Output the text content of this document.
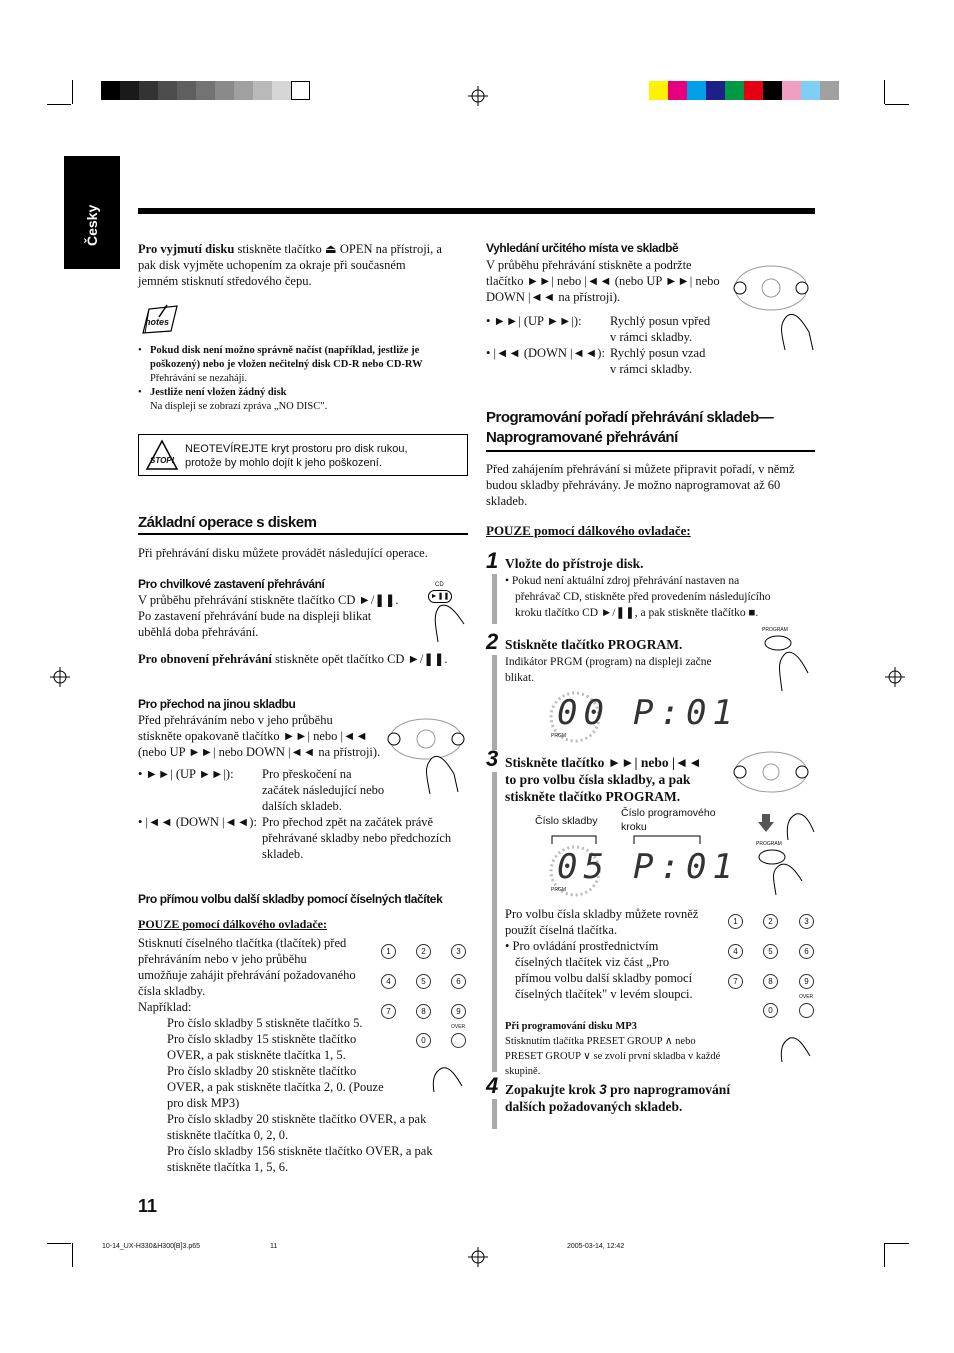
Česky
Pro vyjmutí disku stiskněte tlačítko ⏏ OPEN na přístroji, a
pak disk vyjměte uchopením za okraje při současném
jemném stisknutí středového čepu.
notes
• Pokud disk není možno správně načíst (například, jestliže je
poškozený) nebo je vložen nečitelný disk CD-R nebo CD-RW
Přehrávání se nezahájí.
• Jestliže není vložen žádný disk
Na displeji se zobrazí zpráva „NO DISC".
STOP!
NEOTEVÍREJTE kryt prostoru pro disk rukou,
protože by mohlo dojít k jeho poškození.
Základní operace s diskem
Při přehrávání disku můžete provádět následující operace.
Pro chvilkové zastavení přehrávání
V průběhu přehrávání stiskněte tlačítko CD ►/❚❚.
Po zastavení přehrávání bude na displeji blikat
uběhlá doba přehrávání.
CD
►❚❚
Pro obnovení přehrávání stiskněte opět tlačítko CD ►/❚❚.
Pro přechod na jinou skladbu
Před přehráváním nebo v jeho průběhu
stiskněte opakovaně tlačítko ►►| nebo |◄◄
(nebo UP ►►| nebo DOWN |◄◄ na přístroji).
• ►►| (UP ►►|):	Pro přeskočení na
začátek následující nebo
dalších skladeb.
• |◄◄ (DOWN |◄◄): Pro přechod zpět na začátek právě
přehrávané skladby nebo předchozích
skladeb.
Pro přímou volbu další skladby pomocí číselných tlačítek
POUZE pomocí dálkového ovladače:
Stisknutí číselného tlačítka (tlačítek) před
přehráváním nebo v jeho průběhu
umožňuje zahájit přehrávání požadovaného
čísla skladby.
Například:
Pro číslo skladby 5 stiskněte tlačítko 5.
Pro číslo skladby 15 stiskněte tlačítko
OVER, a pak stiskněte tlačítka 1, 5.
Pro číslo skladby 20 stiskněte tlačítko
OVER, a pak stiskněte tlačítka 2, 0. (Pouze
pro disk MP3)
Pro číslo skladby 20 stiskněte tlačítko OVER, a pak
stiskněte tlačítka 0, 2, 0.
Pro číslo skladby 156 stiskněte tlačítko OVER, a pak
stiskněte tlačítka 1, 5, 6.
1	2	3
4	5	6
7	8	9
0
OVER
11
Vyhledání určitého místa ve skladbě
V průběhu přehrávání stiskněte a podržte
tlačítko ►►| nebo |◄◄ (nebo UP ►►| nebo
DOWN |◄◄ na přístroji).
• ►►| (UP ►►|):	Rychlý posun vpřed
v rámci skladby.
• |◄◄ (DOWN |◄◄): Rychlý posun vzad
v rámci skladby.
Programování pořadí přehrávání skladeb—
Naprogramované přehrávání
Před zahájením přehrávání si můžete připravit pořadí, v němž
budou skladby přehrávány. Je možno naprogramovat až 60
skladeb.
POUZE pomocí dálkového ovladače:
1 Vložte do přístroje disk.
• Pokud není aktuální zdroj přehrávání nastaven na
přehrávač CD, stiskněte před provedením následujícího
kroku tlačítko CD ►/❚❚, a pak stiskněte tlačítko ■.
2 Stiskněte tlačítko PROGRAM.
Indikátor PRGM (program) na displeji začne
blikat.
PROGRAM
00 P:01
PRGM
3 Stiskněte tlačítko ►►| nebo |◄◄
to pro volbu čísla skladby, a pak
stiskněte tlačítko PROGRAM.
PROGRAM
Číslo skladby
Číslo programového
kroku
05 P:01
PRGM
Pro volbu čísla skladby můžete rovněž
použít číselná tlačítka.
• Pro ovládání prostřednictvím
číselných tlačítek viz část „Pro
přímou volbu další skladby pomocí
číselných tlačítek" v levém sloupci.
1	2	3
4	5	6
7	8	9
0
OVER
Při programování disku MP3
Stisknutím tlačítka PRESET GROUP ∧ nebo
PRESET GROUP ∨ se zvolí první skladba v každé
skupině.
4 Zopakujte krok 3 pro naprogramování
dalších požadovaných skladeb.
10-14_UX-H330&H300[B]3.p65	11	2005-03-14, 12:42
